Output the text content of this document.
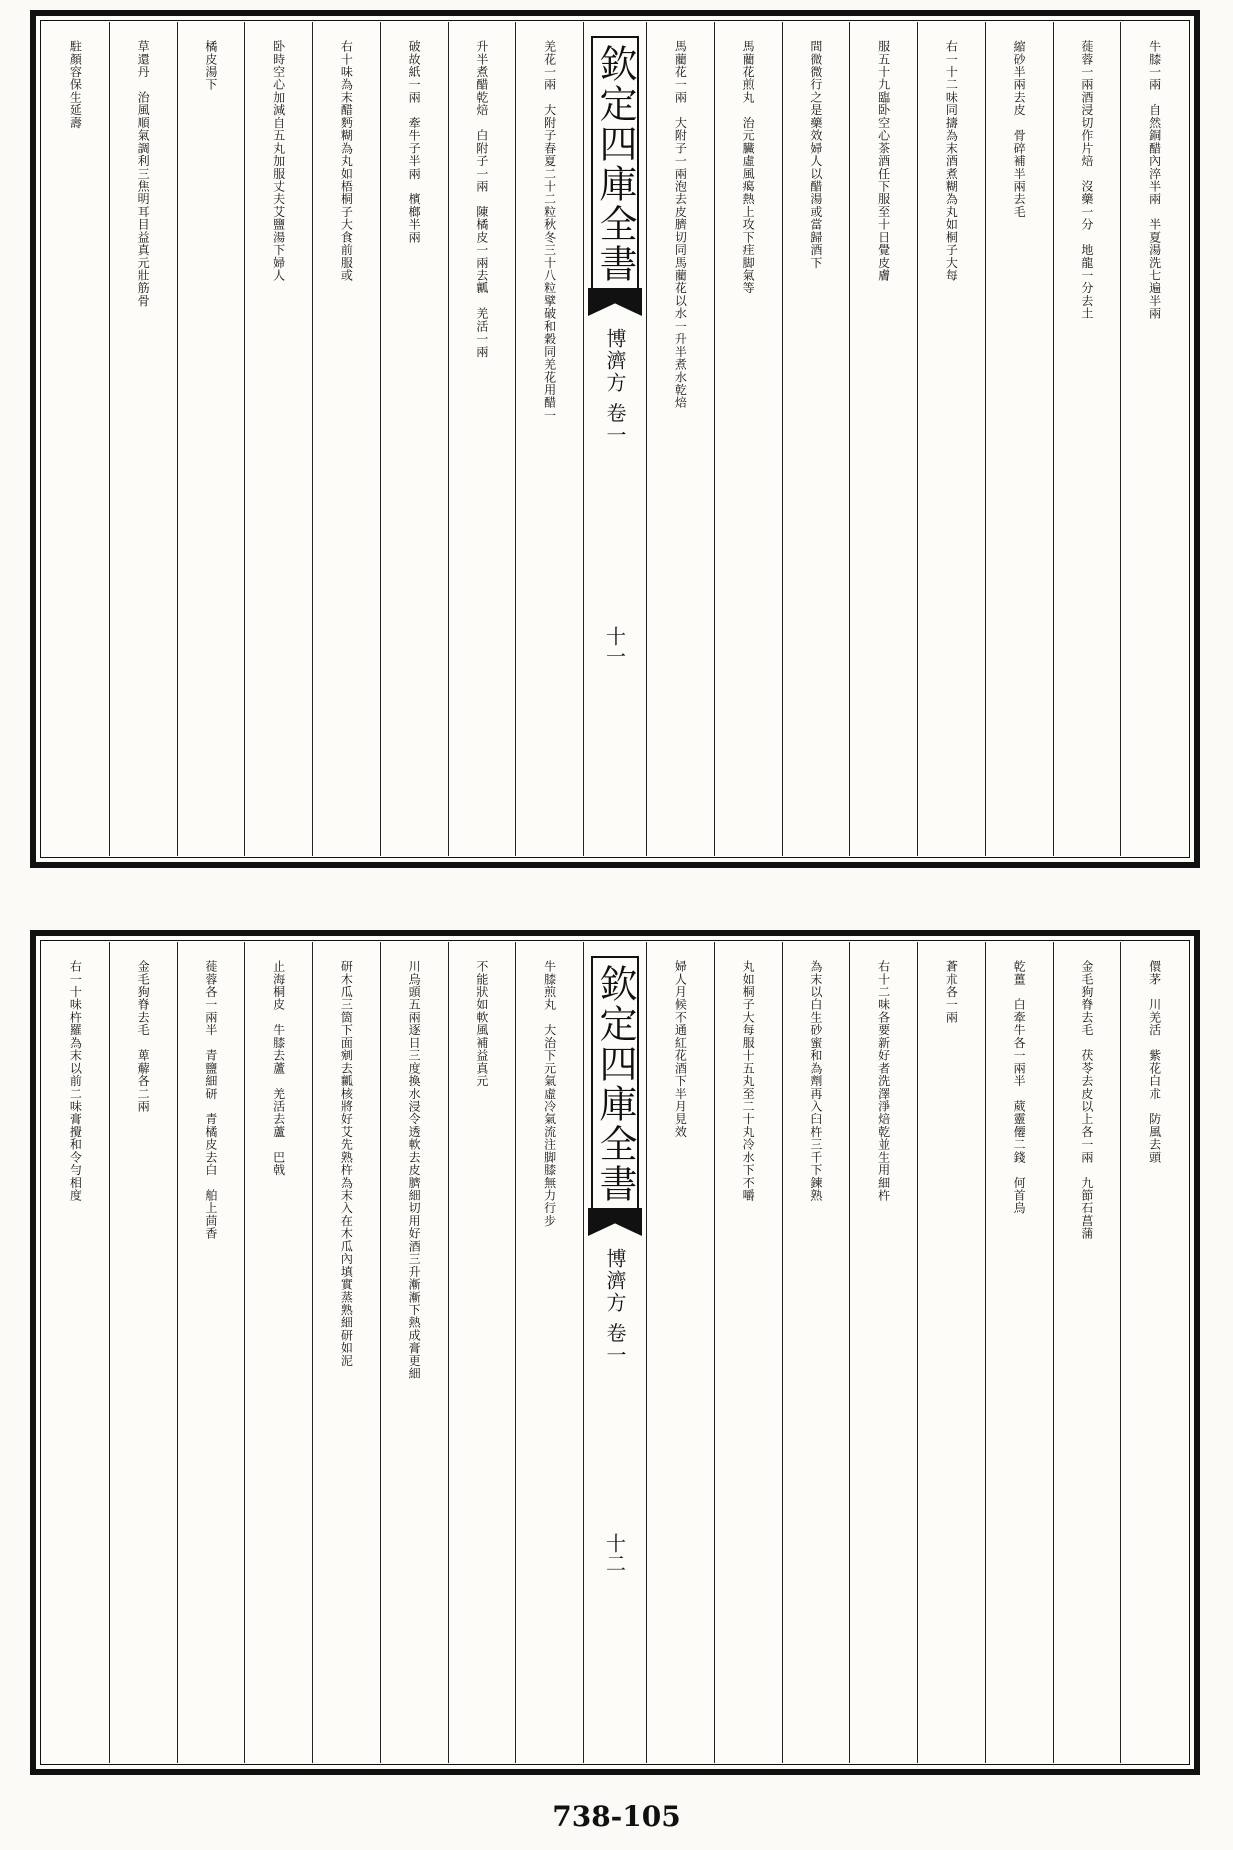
牛膝一兩　自然銅醋內淬半兩　半夏湯洗七遍半兩
蓰蓉一兩酒浸切作片焙　沒藥一分　地龍一分去土
縮砂半兩去皮　骨碎補半兩去毛
右一十二味同擣為末酒煮糊為丸如桐子大每
服五十九臨卧空心茶酒任下服至十日覺皮膚
間微微行之是藥效婦人以醋湯或當歸酒下
馬藺花煎丸　治元臟虛風𤸎熱上攻下疰脚氣等
馬藺花一兩　大附子一兩泡去皮臍切同馬藺花以水一升半煮水乾焙
欽定四庫全書
博濟方 卷一
十一
羌花一兩　大附子春夏二十二粒秋冬三十八粒擘破和穀同羌花用醋一
升半煮醋乾焙　白附子一兩　陳橘皮一兩去瓤　羌活一兩
破故紙一兩　牽牛子半兩　檳榔半兩
右十味為末醋麪糊為丸如梧桐子大食前服或
卧時空心加減自五丸加服丈夫艾鹽湯下婦人
橘皮湯下
草還丹　治風順氣調利三焦明耳目益真元壯筋骨
駐顏容保生延壽
儇茅　川羌活　紫花白朮　防風去頭
金毛狗脊去毛　茯苓去皮以上各一兩　九節石菖蒲
乾薑　白牽牛各一兩半　葳靈僊二錢　何首烏
蒼朮各一兩
右十二味各要新好者洗澤淨焙乾並生用細杵
為末以白生砂蜜和為劑再入臼杵三千下鍊熟
丸如桐子大每服十五丸至二十丸冷水下不嚼
婦人月候不通紅花酒下半月見效
欽定四庫全書
博濟方 卷一
十二
牛膝煎丸　大治下元氣虛冷氣流注脚膝無力行步
不能狀如軟風補益真元
川烏頭五兩逐日三度換水浸令透軟去皮臍細切用好酒三升漸漸下熱成膏更細
研木瓜三箇下面剜去瓤核將好艾先熟杵為末入在木瓜內填實蒸熟細研如泥
止海桐皮　牛膝去蘆　羌活去蘆　巴戟
蓰蓉各一兩半　青鹽細研　青橘皮去白　舶上茴香
金毛狗脊去毛　萆薢各二兩
右一十味杵羅為末以前二味膏攪和令勻相度
738-105
